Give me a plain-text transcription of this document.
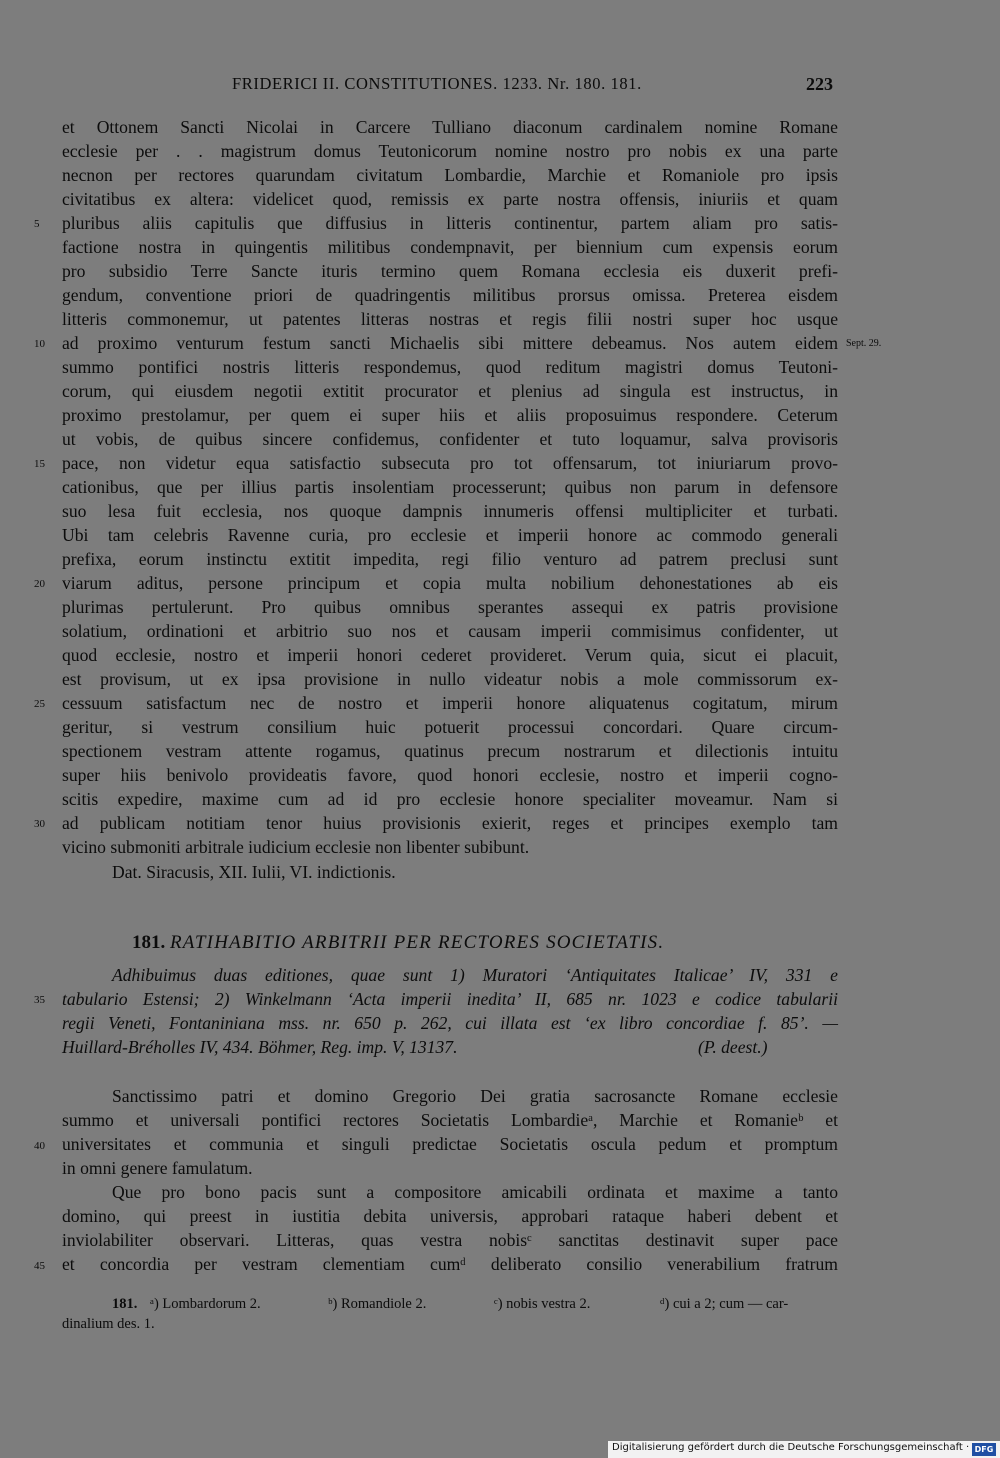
FRIDERICI II. CONSTITUTIONES. 1233. Nr. 180. 181.	223
et Ottonem Sancti Nicolai in Carcere Tulliano diaconum cardinalem nomine Romane
ecclesie per . . magistrum domus Teutonicorum nomine nostro pro nobis ex una parte
necnon per rectores quarundam civitatum Lombardie, Marchie et Romaniole pro ipsis
civitatibus ex altera: videlicet quod, remissis ex parte nostra offensis, iniuriis et quam
pluribus aliis capitulis que diffusius in litteris continentur, partem aliam pro satis-
factione nostra in quingentis militibus condempnavit, per biennium cum expensis eorum
pro subsidio Terre Sancte ituris termino quem Romana ecclesia eis duxerit prefi-
gendum, conventione priori de quadringentis militibus prorsus omissa. Preterea eisdem
litteris commonemur, ut patentes litteras nostras et regis filii nostri super hoc usque
ad proximo venturum festum sancti Michaelis sibi mittere debeamus. Nos autem eidem
summo pontifici nostris litteris respondemus, quod reditum magistri domus Teutoni-
corum, qui eiusdem negotii extitit procurator et plenius ad singula est instructus, in
proximo prestolamur, per quem ei super hiis et aliis proposuimus respondere. Ceterum
ut vobis, de quibus sincere confidemus, confidenter et tuto loquamur, salva provisoris
pace, non videtur equa satisfactio subsecuta pro tot offensarum, tot iniuriarum provo-
cationibus, que per illius partis insolentiam processerunt; quibus non parum in defensore
suo lesa fuit ecclesia, nos quoque dampnis innumeris offensi multipliciter et turbati.
Ubi tam celebris Ravenne curia, pro ecclesie et imperii honore ac commodo generali
prefixa, eorum instinctu extitit impedita, regi filio venturo ad patrem preclusi sunt
viarum aditus, persone principum et copia multa nobilium dehonestationes ab eis
plurimas pertulerunt. Pro quibus omnibus sperantes assequi ex patris provisione
solatium, ordinationi et arbitrio suo nos et causam imperii commisimus confidenter, ut
quod ecclesie, nostro et imperii honori cederet provideret. Verum quia, sicut ei placuit,
est provisum, ut ex ipsa provisione in nullo videatur nobis a mole commissorum ex-
cessuum satisfactum nec de nostro et imperii honore aliquatenus cogitatum, mirum
geritur, si vestrum consilium huic potuerit processui concordari. Quare circum-
spectionem vestram attente rogamus, quatinus precum nostrarum et dilectionis intuitu
super hiis benivolo provideatis favore, quod honori ecclesie, nostro et imperii cogno-
scitis expedire, maxime cum ad id pro ecclesie honore specialiter moveamur. Nam si
ad publicam notitiam tenor huius provisionis exierit, reges et principes exemplo tam
vicino submoniti arbitrale iudicium ecclesie non libenter subibunt.
Dat. Siracusis, XII. Iulii, VI. indictionis.
Sept. 29.
5
10
15
20
25
30
35
40
45
181. RATIHABITIO ARBITRII PER RECTORES SOCIETATIS.
Adhibuimus duas editiones, quae sunt 1) Muratori ‘Antiquitates Italicae’ IV, 331 e
tabulario Estensi; 2) Winkelmann ‘Acta imperii inedita’ II, 685 nr. 1023 e codice tabularii
regii Veneti, Fontaniniana mss. nr. 650 p. 262, cui illata est ‘ex libro concordiae f. 85’. —
Huillard-Bréholles IV, 434. Böhmer, Reg. imp. V, 13137.	(P. deest.)
Sanctissimo patri et domino Gregorio Dei gratia sacrosancte Romane ecclesie
summo et universali pontifici rectores Societatis Lombardieᵃ, Marchie et Romanieᵇ et
universitates et communia et singuli predictae Societatis oscula pedum et promptum
in omni genere famulatum.
Que pro bono pacis sunt a compositore amicabili ordinata et maxime a tanto
domino, qui preest in iustitia debita universis, approbari rataque haberi debent et
inviolabiliter observari. Litteras, quas vestra nobisᶜ sanctitas destinavit super pace
et concordia per vestram clementiam cumᵈ deliberato consilio venerabilium fratrum
181. ᵃ) Lombardorum 2.	ᵇ) Romandiole 2.	ᶜ) nobis vestra 2.	ᵈ) cui a 2; cum — car-
dinalium des. 1.
Digitalisierung gefördert durch die Deutsche Forschungsgemeinschaft · DFG
